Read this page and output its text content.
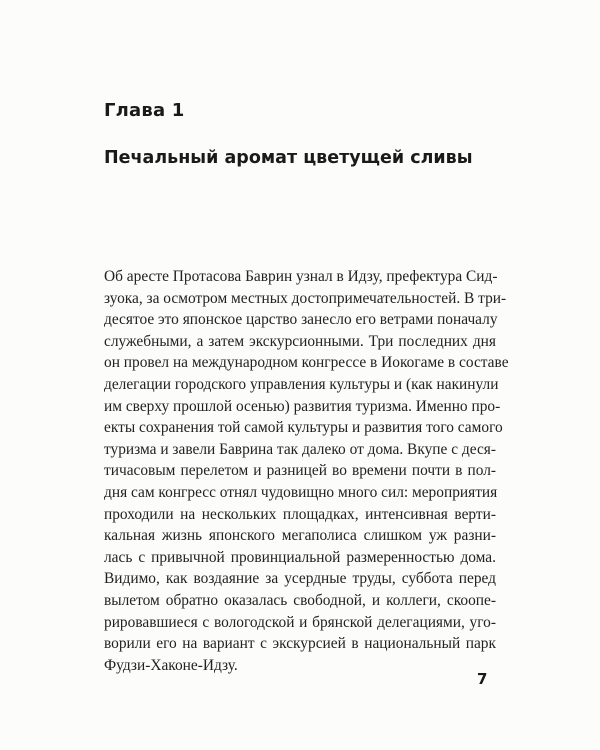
Глава 1
Печальный аромат цветущей сливы

Об аресте Протасова Баврин узнал в Идзу, префектура Сид-
зуока, за осмотром местных достопримечательностей. В три-
десятое это японское царство занесло его ветрами поначалу
служебными, а затем экскурсионными. Три последних дня
он провел на международном конгрессе в Иокогаме в составе
делегации городского управления культуры и (как накинули
им сверху прошлой осенью) развития туризма. Именно про-
екты сохранения той самой культуры и развития того самого
туризма и завели Баврина так далеко от дома. Вкупе с деся-
тичасовым перелетом и разницей во времени почти в пол-
дня сам конгресс отнял чудовищно много сил: мероприятия
проходили на нескольких площадках, интенсивная верти-
кальная жизнь японского мегаполиса слишком уж разни-
лась с привычной провинциальной размеренностью дома.
Видимо, как воздаяние за усердные труды, суббота перед
вылетом обратно оказалась свободной, и коллеги, скоопе-
рировавшиеся с вологодской и брянской делегациями, уго-
ворили его на вариант с экскурсией в национальный парк
Фудзи-Хаконе-Идзу.

7
